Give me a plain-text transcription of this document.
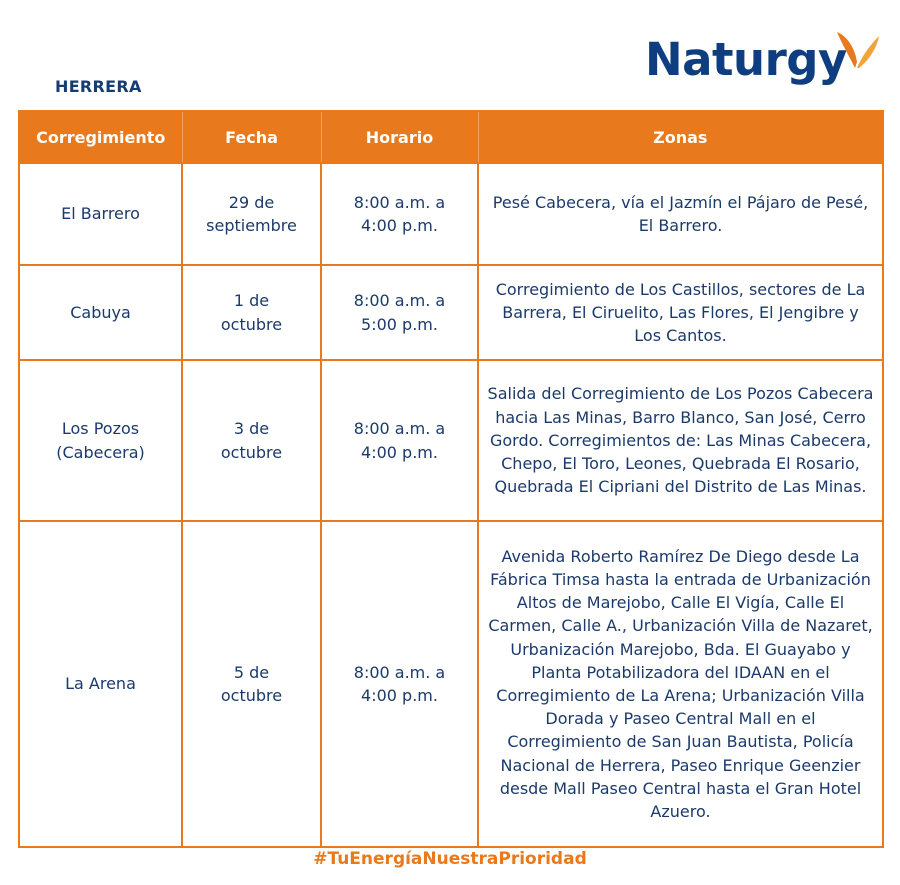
HERRERA
Naturgy
Corregimiento	Fecha	Horario	Zonas
El Barrero	29 de septiembre	8:00 a.m. a 4:00 p.m.	Pesé Cabecera, vía el Jazmín el Pájaro de Pesé, El Barrero.
Cabuya	1 de octubre	8:00 a.m. a 5:00 p.m.	Corregimiento de Los Castillos, sectores de La Barrera, El Ciruelito, Las Flores, El Jengibre y Los Cantos.
Los Pozos (Cabecera)	3 de octubre	8:00 a.m. a 4:00 p.m.	Salida del Corregimiento de Los Pozos Cabecera hacia Las Minas, Barro Blanco, San José, Cerro Gordo. Corregimientos de: Las Minas Cabecera, Chepo, El Toro, Leones, Quebrada El Rosario, Quebrada El Cipriani del Distrito de Las Minas.
La Arena	5 de octubre	8:00 a.m. a 4:00 p.m.	Avenida Roberto Ramírez De Diego desde La Fábrica Timsa hasta la entrada de Urbanización Altos de Marejobo, Calle El Vigía, Calle El Carmen, Calle A., Urbanización Villa de Nazaret, Urbanización Marejobo, Bda. El Guayabo y Planta Potabilizadora del IDAAN en el Corregimiento de La Arena; Urbanización Villa Dorada y Paseo Central Mall en el Corregimiento de San Juan Bautista, Policía Nacional de Herrera, Paseo Enrique Geenzier desde Mall Paseo Central hasta el Gran Hotel Azuero.
#TuEnergíaNuestraPrioridad
